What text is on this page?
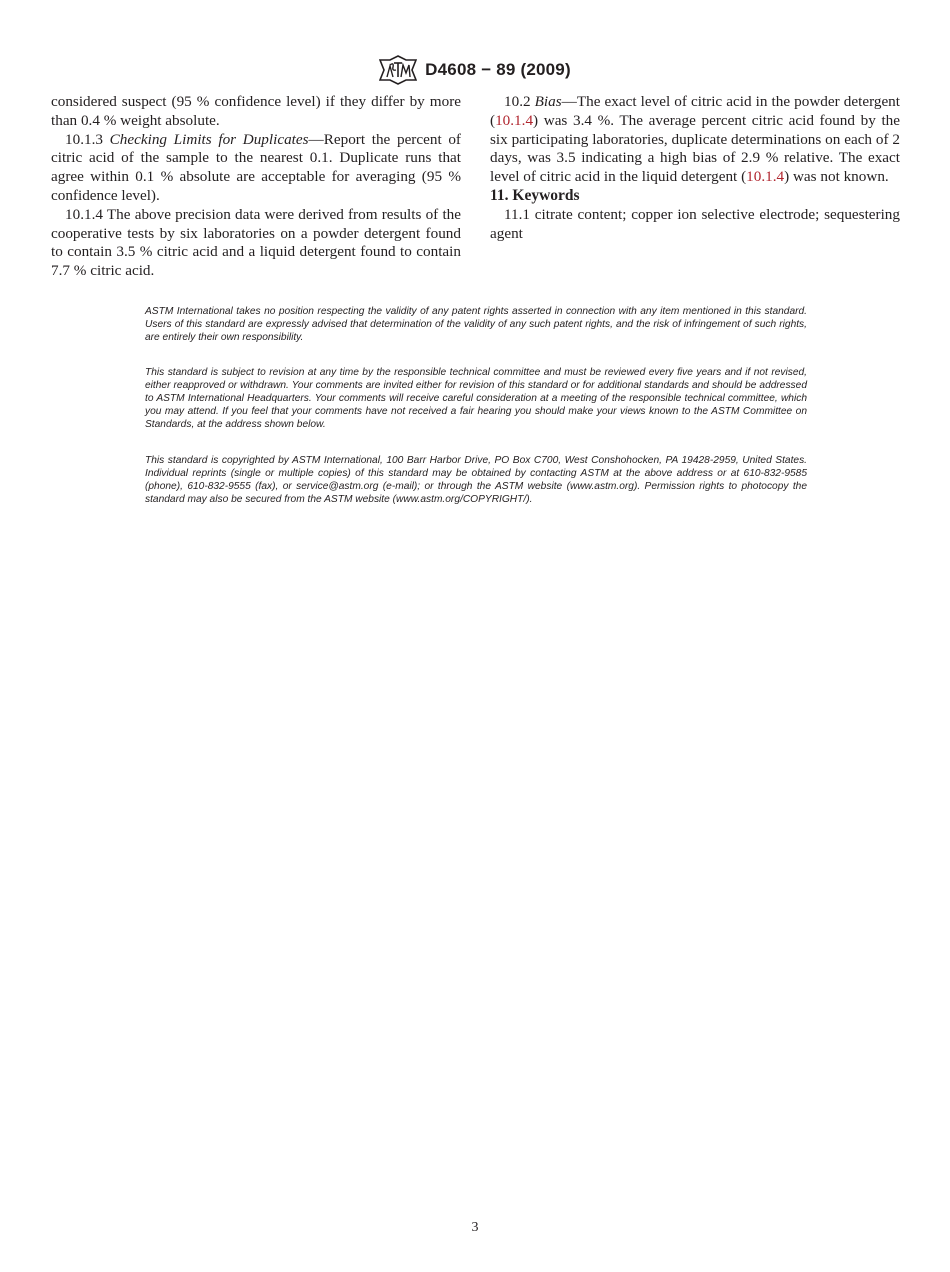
D4608 − 89 (2009)

considered suspect (95 % confidence level) if they differ by more than 0.4 % weight absolute.

10.1.3 Checking Limits for Duplicates—Report the percent of citric acid of the sample to the nearest 0.1. Duplicate runs that agree within 0.1 % absolute are acceptable for averaging (95 % confidence level).

10.1.4 The above precision data were derived from results of the cooperative tests by six laboratories on a powder detergent found to contain 3.5 % citric acid and a liquid detergent found to contain 7.7 % citric acid.

10.2 Bias—The exact level of citric acid in the powder detergent (10.1.4) was 3.4 %. The average percent citric acid found by the six participating laboratories, duplicate determinations on each of 2 days, was 3.5 indicating a high bias of 2.9 % relative. The exact level of citric acid in the liquid detergent (10.1.4) was not known.

11. Keywords

11.1 citrate content; copper ion selective electrode; sequestering agent

ASTM International takes no position respecting the validity of any patent rights asserted in connection with any item mentioned in this standard. Users of this standard are expressly advised that determination of the validity of any such patent rights, and the risk of infringement of such rights, are entirely their own responsibility.

This standard is subject to revision at any time by the responsible technical committee and must be reviewed every five years and if not revised, either reapproved or withdrawn. Your comments are invited either for revision of this standard or for additional standards and should be addressed to ASTM International Headquarters. Your comments will receive careful consideration at a meeting of the responsible technical committee, which you may attend. If you feel that your comments have not received a fair hearing you should make your views known to the ASTM Committee on Standards, at the address shown below.

This standard is copyrighted by ASTM International, 100 Barr Harbor Drive, PO Box C700, West Conshohocken, PA 19428-2959, United States. Individual reprints (single or multiple copies) of this standard may be obtained by contacting ASTM at the above address or at 610-832-9585 (phone), 610-832-9555 (fax), or service@astm.org (e-mail); or through the ASTM website (www.astm.org). Permission rights to photocopy the standard may also be secured from the ASTM website (www.astm.org/COPYRIGHT/).

3
